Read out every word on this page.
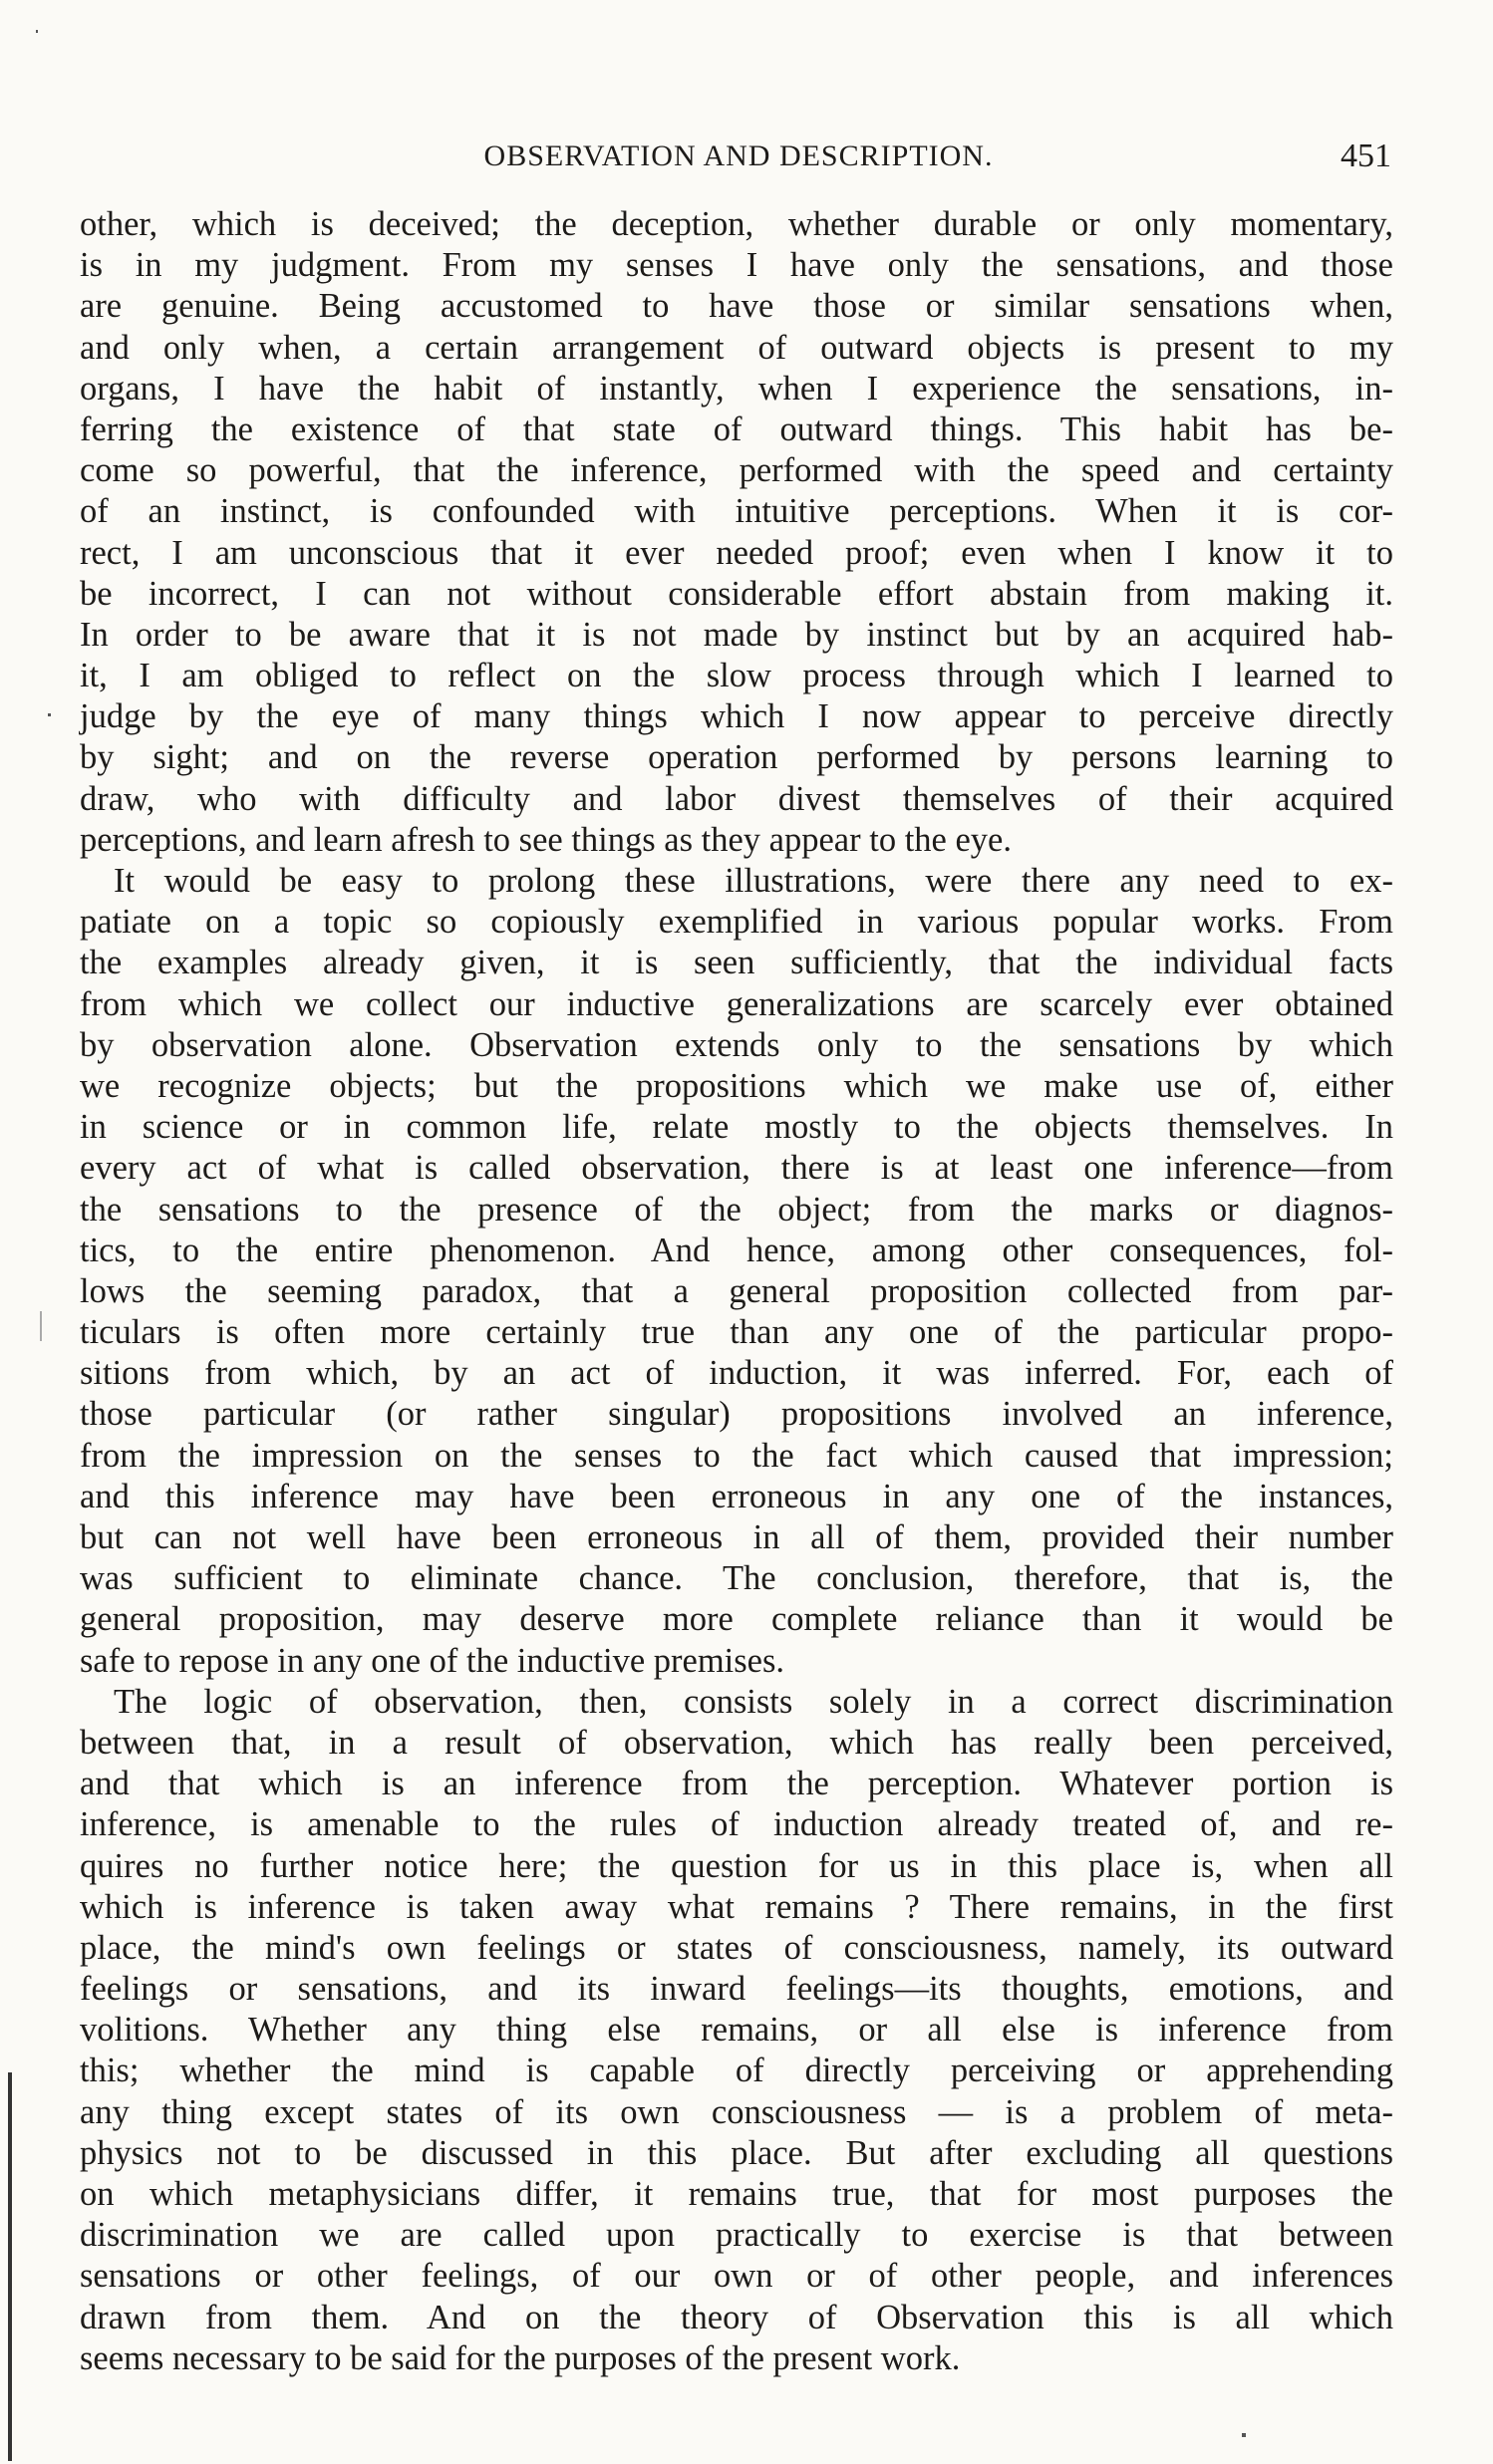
OBSERVATION AND DESCRIPTION.	451
other, which is deceived; the deception, whether durable or only momentary,
is in my judgment. From my senses I have only the sensations, and those
are genuine. Being accustomed to have those or similar sensations when,
and only when, a certain arrangement of outward objects is present to my
organs, I have the habit of instantly, when I experience the sensations, in-
ferring the existence of that state of outward things. This habit has be-
come so powerful, that the inference, performed with the speed and certainty
of an instinct, is confounded with intuitive perceptions. When it is cor-
rect, I am unconscious that it ever needed proof; even when I know it to
be incorrect, I can not without considerable effort abstain from making it.
In order to be aware that it is not made by instinct but by an acquired hab-
it, I am obliged to reflect on the slow process through which I learned to
judge by the eye of many things which I now appear to perceive directly
by sight; and on the reverse operation performed by persons learning to
draw, who with difficulty and labor divest themselves of their acquired
perceptions, and learn afresh to see things as they appear to the eye.
It would be easy to prolong these illustrations, were there any need to ex-
patiate on a topic so copiously exemplified in various popular works. From
the examples already given, it is seen sufficiently, that the individual facts
from which we collect our inductive generalizations are scarcely ever obtained
by observation alone. Observation extends only to the sensations by which
we recognize objects; but the propositions which we make use of, either
in science or in common life, relate mostly to the objects themselves. In
every act of what is called observation, there is at least one inference—from
the sensations to the presence of the object; from the marks or diagnos-
tics, to the entire phenomenon. And hence, among other consequences, fol-
lows the seeming paradox, that a general proposition collected from par-
ticulars is often more certainly true than any one of the particular propo-
sitions from which, by an act of induction, it was inferred. For, each of
those particular (or rather singular) propositions involved an inference,
from the impression on the senses to the fact which caused that impression;
and this inference may have been erroneous in any one of the instances,
but can not well have been erroneous in all of them, provided their number
was sufficient to eliminate chance. The conclusion, therefore, that is, the
general proposition, may deserve more complete reliance than it would be
safe to repose in any one of the inductive premises.
The logic of observation, then, consists solely in a correct discrimination
between that, in a result of observation, which has really been perceived,
and that which is an inference from the perception. Whatever portion is
inference, is amenable to the rules of induction already treated of, and re-
quires no further notice here; the question for us in this place is, when all
which is inference is taken away what remains ? There remains, in the first
place, the mind's own feelings or states of consciousness, namely, its outward
feelings or sensations, and its inward feelings—its thoughts, emotions, and
volitions. Whether any thing else remains, or all else is inference from
this; whether the mind is capable of directly perceiving or apprehending
any thing except states of its own consciousness — is a problem of meta-
physics not to be discussed in this place. But after excluding all questions
on which metaphysicians differ, it remains true, that for most purposes the
discrimination we are called upon practically to exercise is that between
sensations or other feelings, of our own or of other people, and inferences
drawn from them. And on the theory of Observation this is all which
seems necessary to be said for the purposes of the present work.
